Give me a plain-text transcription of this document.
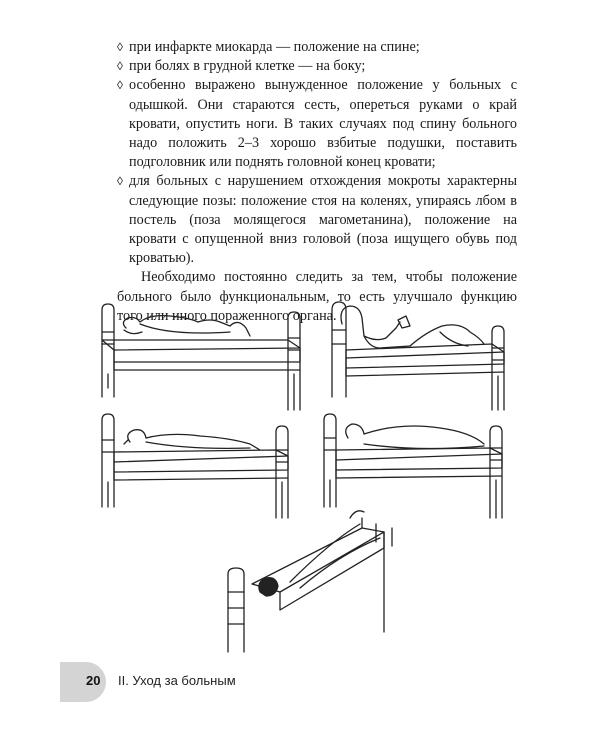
◊ при инфаркте миокарда — положение на спине;
◊ при болях в грудной клетке — на боку;
◊ особенно выражено вынужденное положение у больных с одышкой. Они стараются сесть, опереться руками о край кровати, опустить ноги. В таких случаях под спину больного надо положить 2–3 хорошо взбитые подушки, поставить подголовник или поднять головной конец кровати;
◊ для больных с нарушением отхождения мокроты характерны следующие позы: положение стоя на коленях, упираясь лбом в постель (поза молящегося магометанина), положение на кровати с опущенной вниз головой (поза ищущего обувь под кроватью).

Необходимо постоянно следить за тем, чтобы положение больного было функциональным, то есть улучшало функцию того или иного пораженного органа.

20 II. Уход за больным
